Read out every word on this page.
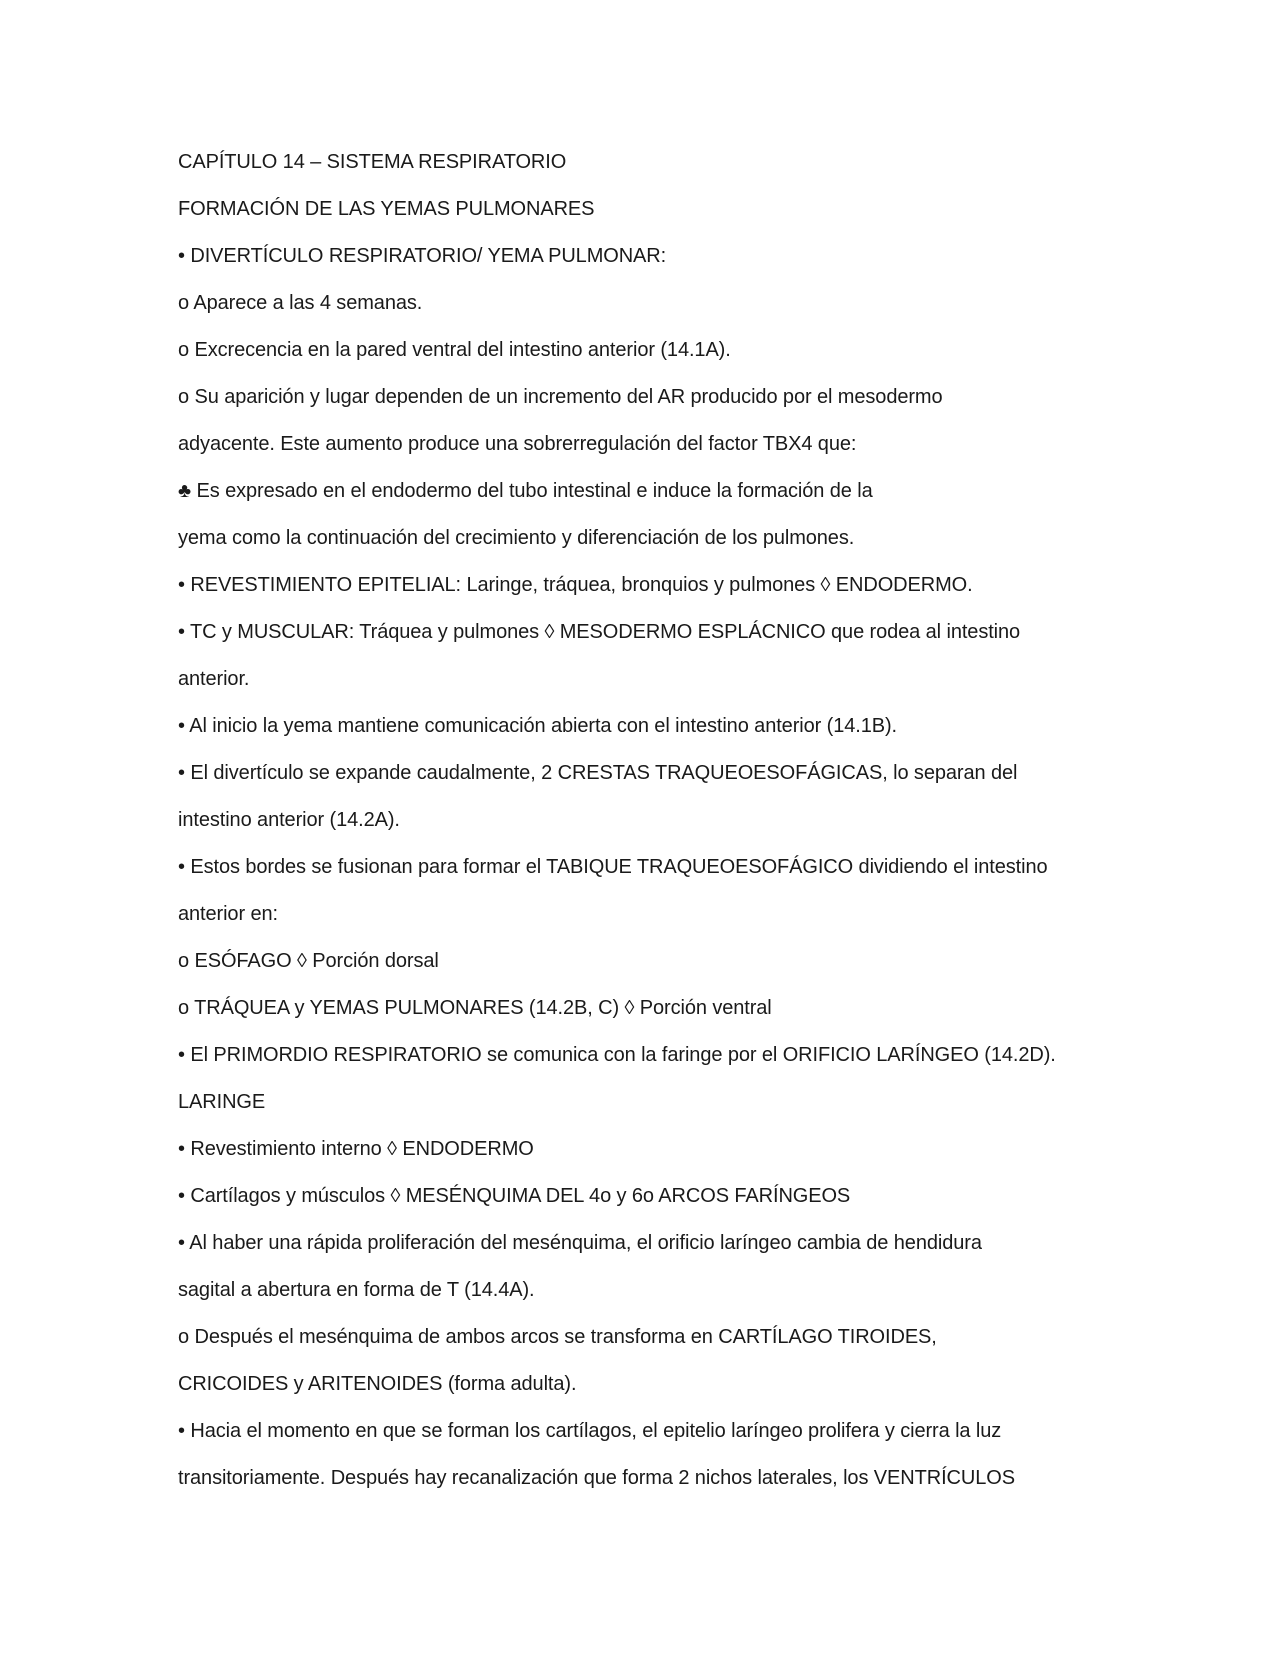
CAPÍTULO 14 – SISTEMA RESPIRATORIO
FORMACIÓN DE LAS YEMAS PULMONARES
• DIVERTÍCULO RESPIRATORIO/ YEMA PULMONAR:
o Aparece a las 4 semanas.
o Excrecencia en la pared ventral del intestino anterior (14.1A).
o Su aparición y lugar dependen de un incremento del AR producido por el mesodermo
adyacente. Este aumento produce una sobrerregulación del factor TBX4 que:
♣ Es expresado en el endodermo del tubo intestinal e induce la formación de la
yema como la continuación del crecimiento y diferenciación de los pulmones.
• REVESTIMIENTO EPITELIAL: Laringe, tráquea, bronquios y pulmones ◊ ENDODERMO.
• TC y MUSCULAR: Tráquea y pulmones ◊ MESODERMO ESPLÁCNICO que rodea al intestino
anterior.
• Al inicio la yema mantiene comunicación abierta con el intestino anterior (14.1B).
• El divertículo se expande caudalmente, 2 CRESTAS TRAQUEOESOFÁGICAS, lo separan del
intestino anterior (14.2A).
• Estos bordes se fusionan para formar el TABIQUE TRAQUEOESOFÁGICO dividiendo el intestino
anterior en:
o ESÓFAGO ◊ Porción dorsal
o TRÁQUEA y YEMAS PULMONARES (14.2B, C) ◊ Porción ventral
• El PRIMORDIO RESPIRATORIO se comunica con la faringe por el ORIFICIO LARÍNGEO (14.2D).
LARINGE
• Revestimiento interno ◊ ENDODERMO
• Cartílagos y músculos ◊ MESÉNQUIMA DEL 4o y 6o ARCOS FARÍNGEOS
• Al haber una rápida proliferación del mesénquima, el orificio laríngeo cambia de hendidura
sagital a abertura en forma de T (14.4A).
o Después el mesénquima de ambos arcos se transforma en CARTÍLAGO TIROIDES,
CRICOIDES y ARITENOIDES (forma adulta).
• Hacia el momento en que se forman los cartílagos, el epitelio laríngeo prolifera y cierra la luz
transitoriamente. Después hay recanalización que forma 2 nichos laterales, los VENTRÍCULOS
